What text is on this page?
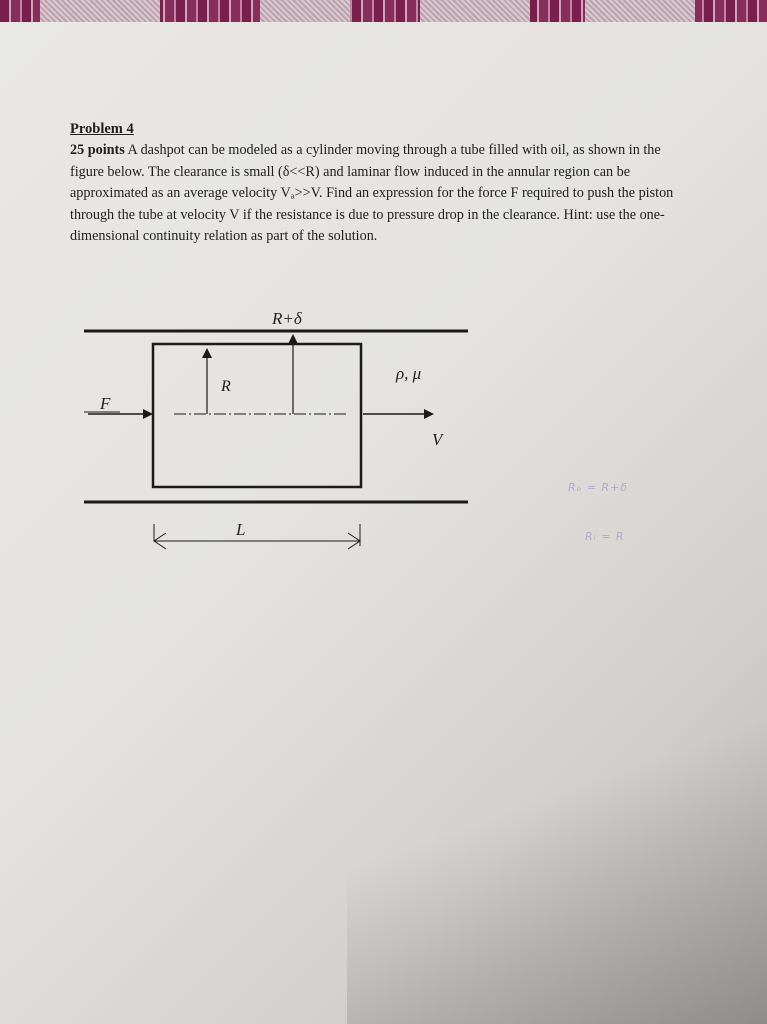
Problem 4

25 points A dashpot can be modeled as a cylinder moving through a tube filled with oil, as shown in the figure below. The clearance is small (δ<<R) and laminar flow induced in the annular region can be approximated as an average velocity Vₐ>>V. Find an expression for the force F required to push the piston through the tube at velocity V if the resistance is due to pressure drop in the clearance. Hint: use the one-dimensional continuity relation as part of the solution.

R+δ
R
ρ, μ
F
V
L
Rₒ = R+δ
Rᵢ = R
